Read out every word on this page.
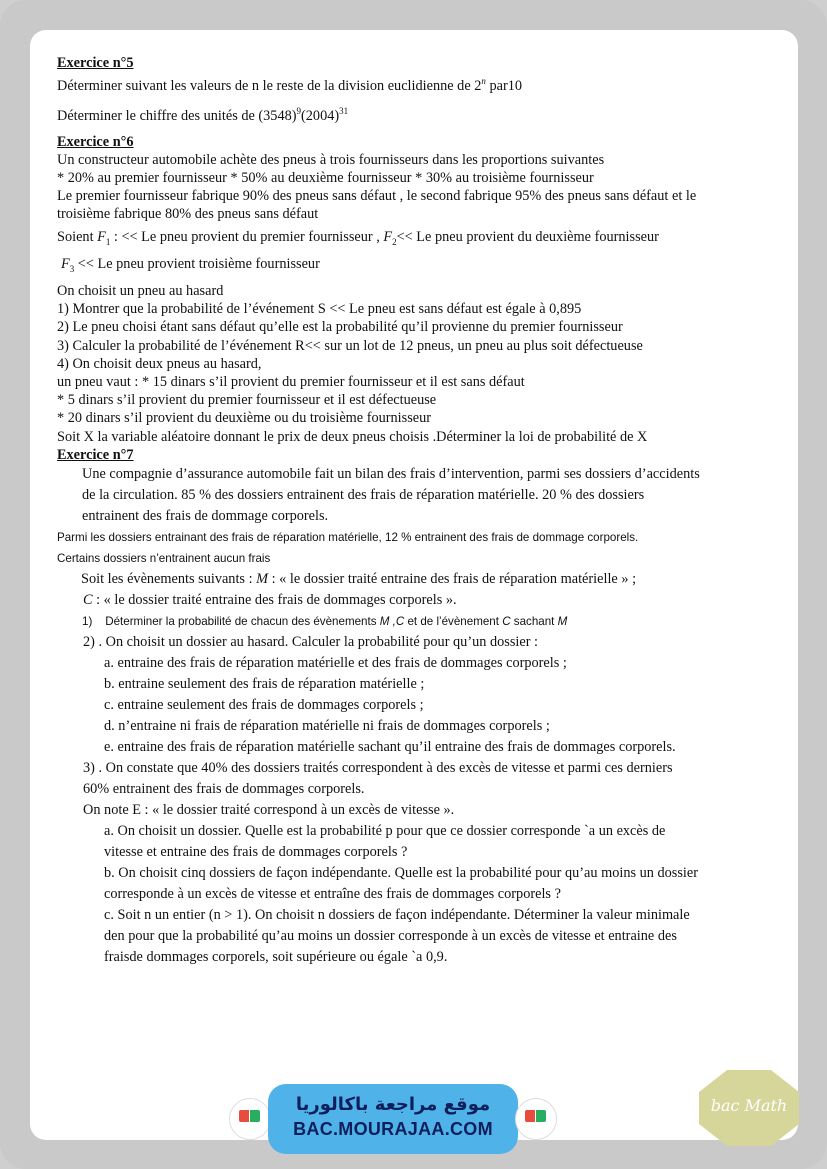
Exercice n°5

Déterminer suivant les valeurs de n le reste de la division euclidienne de 2$^n$ par10

Déterminer le chiffre des unités de $(3548)^9(2004)^{31}$

Exercice n°6

Un constructeur automobile achète des pneus à trois fournisseurs dans les proportions suivantes

* 20% au premier fournisseur * 50% au deuxième fournisseur * 30% au troisième fournisseur

Le premier fournisseur fabrique 90% des pneus sans défaut , le second fabrique 95% des pneus sans défaut et le

troisième fabrique 80% des pneus sans défaut

Soient $F_1$ : << Le pneu provient du premier fournisseur , $F_2<< Le$ pneu provient du deuxième fournisseur

$F_3 << Le$ pneu provient troisième fournisseur

On choisit un pneu au hasard

1) Montrer que la probabilité de l’événement S << Le pneu est sans défaut est égale à 0,895

2) Le pneu choisi étant sans défaut qu’elle est la probabilité qu’il provienne du premier fournisseur

3) Calculer la probabilité de l’événement R<< sur un lot de 12 pneus, un pneu au plus soit défectueuse

4) On choisit deux pneus au hasard,

un pneu vaut : * 15 dinars s’il provient du premier fournisseur et il est sans défaut

* 5 dinars s’il provient du premier fournisseur et il est défectueuse

* 20 dinars s’il provient du deuxième ou du troisième fournisseur

Soit X la variable aléatoire donnant le prix de deux pneus choisis .Déterminer la loi de probabilité de X

Exercice n°7

Une compagnie d’assurance automobile fait un bilan des frais d’intervention, parmi ses dossiers d’accidents

de la circulation. 85 % des dossiers entrainent des frais de réparation matérielle. 20 % des dossiers

entrainent des frais de dommage corporels.

Parmi les dossiers entrainant des frais de réparation matérielle, 12 % entrainent des frais de dommage corporels.

Certains dossiers n’entrainent aucun frais

Soit les évènements suivants : M : « le dossier traité entraine des frais de réparation matérielle » ;

C : « le dossier traité entraine des frais de dommages corporels ».

1) Déterminer la probabilité de chacun des évènements M ,C et de l’évènement C sachant M

2) . On choisit un dossier au hasard. Calculer la probabilité pour qu’un dossier :

a. entraine des frais de réparation matérielle et des frais de dommages corporels ;

b. entraine seulement des frais de réparation matérielle ;

c. entraine seulement des frais de dommages corporels ;

d. n’entraine ni frais de réparation matérielle ni frais de dommages corporels ;

e. entraine des frais de réparation matérielle sachant qu’il entraine des frais de dommages corporels.

3) . On constate que 40% des dossiers traités correspondent à des excès de vitesse et parmi ces derniers

60% entrainent des frais de dommages corporels.

On note E : « le dossier traité correspond à un excès de vitesse ».

a. On choisit un dossier. Quelle est la probabilité p pour que ce dossier corresponde `a un excès de

vitesse et entraine des frais de dommages corporels ?

b. On choisit cinq dossiers de façon indépendante. Quelle est la probabilité pour qu’au moins un dossier

corresponde à un excès de vitesse et entraîne des frais de dommages corporels ?

c. Soit n un entier (n > 1). On choisit n dossiers de façon indépendante. Déterminer la valeur minimale

den pour que la probabilité qu’au moins un dossier corresponde à un excès de vitesse et entraine des

fraisde dommages corporels, soit supérieure ou égale `a 0,9.

موقع مراجعة باكالوريا
BAC.MOURAJAA.COM
bac Math
